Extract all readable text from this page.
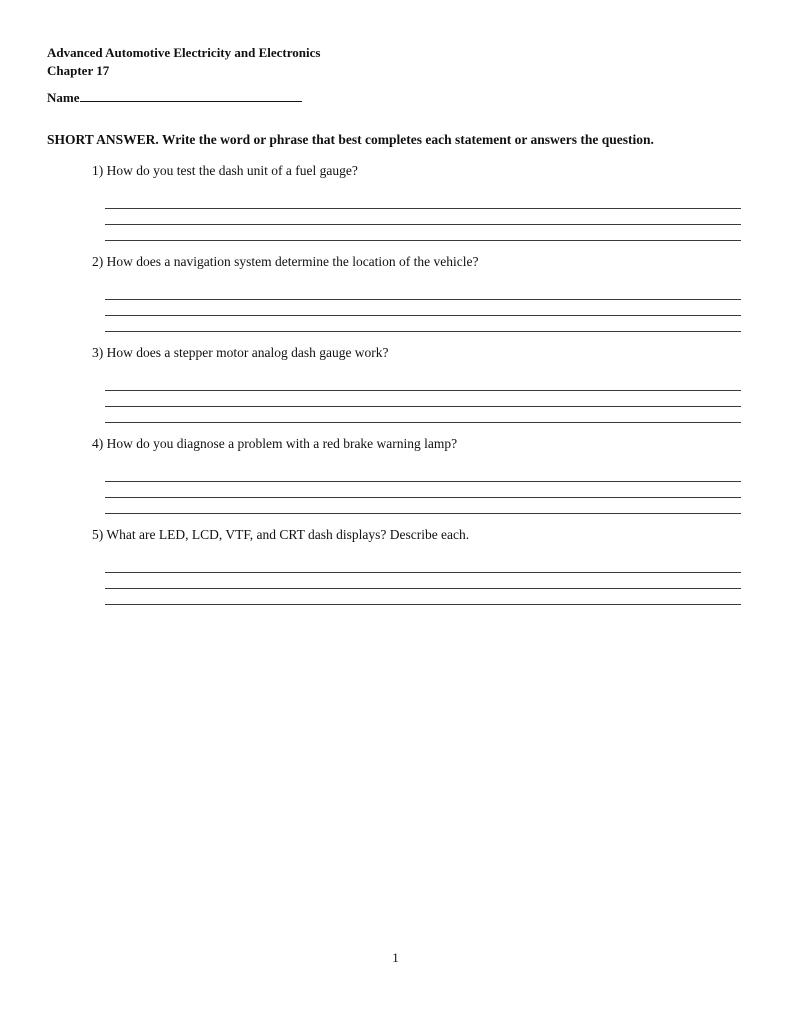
Advanced Automotive Electricity and Electronics
Chapter 17
Name
SHORT ANSWER. Write the word or phrase that best completes each statement or answers the question.
1) How do you test the dash unit of a fuel gauge?
2) How does a navigation system determine the location of the vehicle?
3) How does a stepper motor analog dash gauge work?
4) How do you diagnose a problem with a red brake warning lamp?
5) What are LED, LCD, VTF, and CRT dash displays? Describe each.
1
